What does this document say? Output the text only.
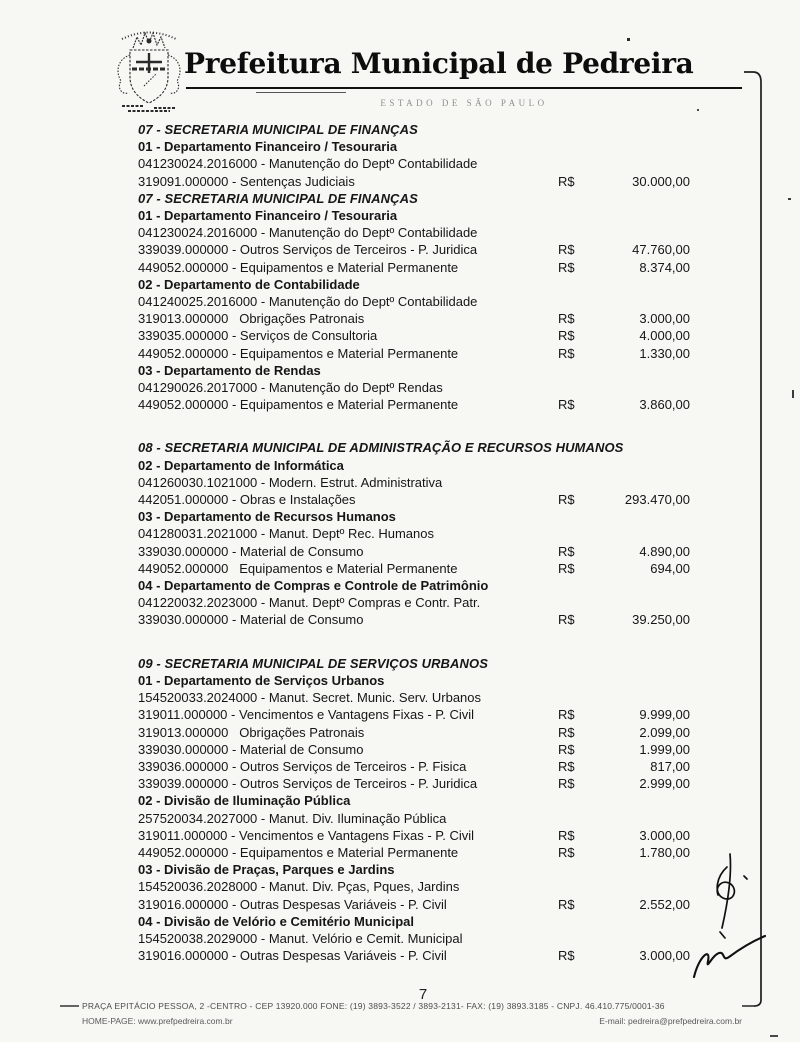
Prefeitura Municipal de Pedreira
ESTADO DE SÃO PAULO
07 - SECRETARIA MUNICIPAL DE FINANÇAS
01 - Departamento Financeiro / Tesouraria
041230024.2016000 - Manutenção do Deptº Contabilidade
319091.000000 - Sentenças Judiciais	R$	30.000,00
07 - SECRETARIA MUNICIPAL DE FINANÇAS
01 - Departamento Financeiro / Tesouraria
041230024.2016000 - Manutenção do Deptº Contabilidade
339039.000000 - Outros Serviços de Terceiros - P. Juridica	R$	47.760,00
449052.000000 - Equipamentos e Material Permanente	R$	8.374,00
02 - Departamento de Contabilidade
041240025.2016000 - Manutenção do Deptº Contabilidade
319013.000000   Obrigações Patronais	R$	3.000,00
339035.000000 - Serviços de Consultoria	R$	4.000,00
449052.000000 - Equipamentos e Material Permanente	R$	1.330,00
03 - Departamento de Rendas
041290026.2017000 - Manutenção do Deptº Rendas
449052.000000 - Equipamentos e Material Permanente	R$	3.860,00
08 - SECRETARIA MUNICIPAL DE ADMINISTRAÇÃO E RECURSOS HUMANOS
02 - Departamento de Informática
041260030.1021000 - Modern. Estrut. Administrativa
442051.000000 - Obras e Instalações	R$	293.470,00
03 - Departamento de Recursos Humanos
041280031.2021000 - Manut. Deptº Rec. Humanos
339030.000000 - Material de Consumo	R$	4.890,00
449052.000000   Equipamentos e Material Permanente	R$	694,00
04 - Departamento de Compras e Controle de Patrimônio
041220032.2023000 - Manut. Deptº Compras e Contr. Patr.
339030.000000 - Material de Consumo	R$	39.250,00
09 - SECRETARIA MUNICIPAL DE SERVIÇOS URBANOS
01 - Departamento de Serviços Urbanos
154520033.2024000 - Manut. Secret. Munic. Serv. Urbanos
319011.000000 - Vencimentos e Vantagens Fixas - P. Civil	R$	9.999,00
319013.000000   Obrigações Patronais	R$	2.099,00
339030.000000 - Material de Consumo	R$	1.999,00
339036.000000 - Outros Serviços de Terceiros - P. Fisica	R$	817,00
339039.000000 - Outros Serviços de Terceiros - P. Juridica	R$	2.999,00
02 - Divisão de Iluminação Pública
257520034.2027000 - Manut. Div. Iluminação Pública
319011.000000 - Vencimentos e Vantagens Fixas - P. Civil	R$	3.000,00
449052.000000 - Equipamentos e Material Permanente	R$	1.780,00
03 - Divisão de Praças, Parques e Jardins
154520036.2028000 - Manut. Div. Pças, Pques, Jardins
319016.000000 - Outras Despesas Variáveis - P. Civil	R$	2.552,00
04 - Divisão de Velório e Cemitério Municipal
154520038.2029000 - Manut. Velório e Cemit. Municipal
319016.000000 - Outras Despesas Variáveis - P. Civil	R$	3.000,00
7
PRAÇA EPITÁCIO PESSOA, 2 -CENTRO - CEP 13920.000 FONE: (19) 3893-3522 / 3893-2131- FAX: (19) 3893.3185 - CNPJ. 46.410.775/0001-36
HOME-PAGE: www.prefpedreira.com.br	E-mail: pedreira@prefpedreira.com.br
